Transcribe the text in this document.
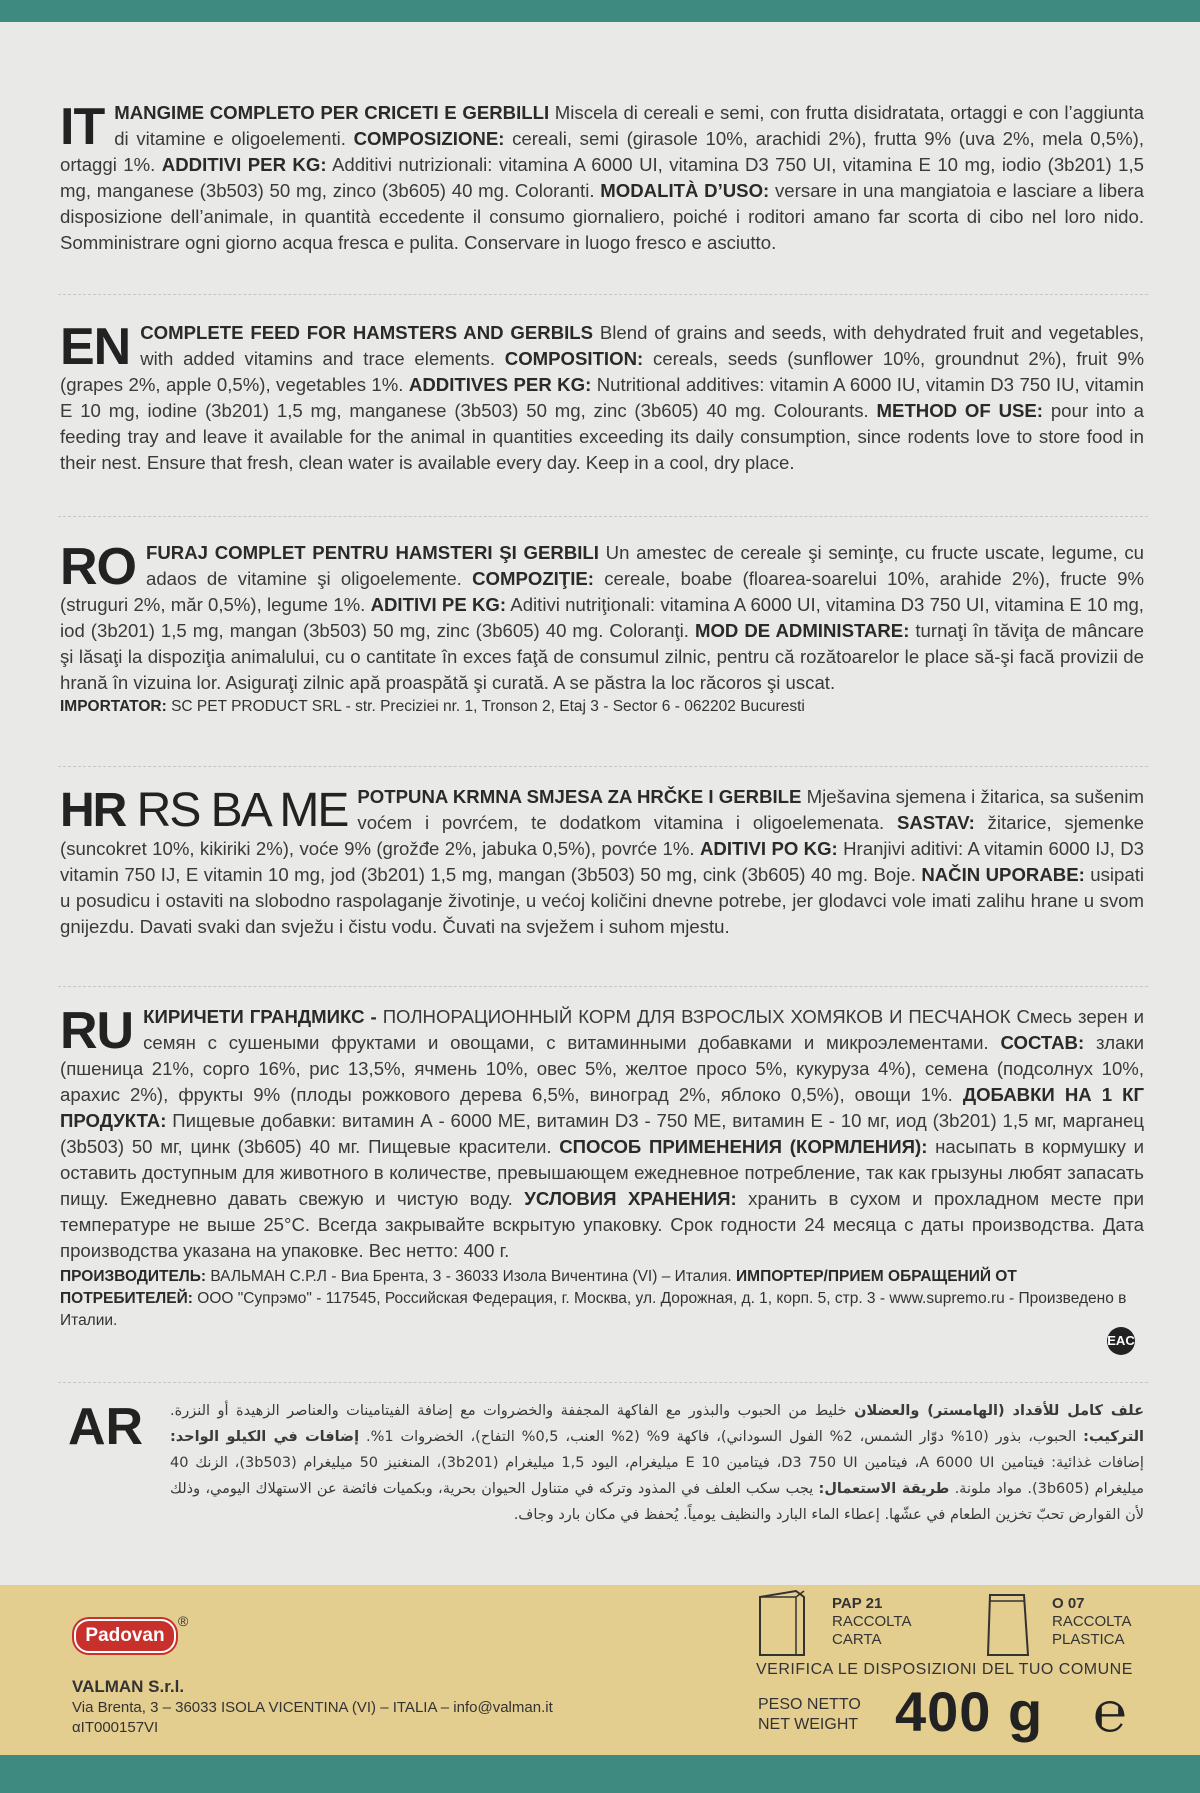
IT MANGIME COMPLETO PER CRICETI E GERBILLI Miscela di cereali e semi, con frutta disidratata, ortaggi e con l’aggiunta di vitamine e oligoelementi. COMPOSIZIONE: cereali, semi (girasole 10%, arachidi 2%), frutta 9% (uva 2%, mela 0,5%), ortaggi 1%. ADDITIVI PER KG: Additivi nutrizionali: vitamina A 6000 UI, vitamina D3 750 UI, vitamina E 10 mg, iodio (3b201) 1,5 mg, manganese (3b503) 50 mg, zinco (3b605) 40 mg. Coloranti. MODALITÀ D’USO: versare in una mangiatoia e lasciare a libera disposizione dell’animale, in quantità eccedente il consumo giornaliero, poiché i roditori amano far scorta di cibo nel loro nido. Somministrare ogni giorno acqua fresca e pulita. Conservare in luogo fresco e asciutto.
EN COMPLETE FEED FOR HAMSTERS AND GERBILS Blend of grains and seeds, with dehydrated fruit and vegetables, with added vitamins and trace elements. COMPOSITION: cereals, seeds (sunflower 10%, groundnut 2%), fruit 9% (grapes 2%, apple 0,5%), vegetables 1%. ADDITIVES PER KG: Nutritional additives: vitamin A 6000 IU, vitamin D3 750 IU, vitamin E 10 mg, iodine (3b201) 1,5 mg, manganese (3b503) 50 mg, zinc (3b605) 40 mg. Colourants. METHOD OF USE: pour into a feeding tray and leave it available for the animal in quantities exceeding its daily consumption, since rodents love to store food in their nest. Ensure that fresh, clean water is available every day. Keep in a cool, dry place.
RO FURAJ COMPLET PENTRU HAMSTERI ŞI GERBILI Un amestec de cereale şi seminţe, cu fructe uscate, legume, cu adaos de vitamine şi oligoelemente. COMPOZIŢIE: cereale, boabe (floarea-soarelui 10%, arahide 2%), fructe 9% (struguri 2%, măr 0,5%), legume 1%. ADITIVI PE KG: Aditivi nutriţionali: vitamina A 6000 UI, vitamina D3 750 UI, vitamina E 10 mg, iod (3b201) 1,5 mg, mangan (3b503) 50 mg, zinc (3b605) 40 mg. Coloranţi. MOD DE ADMINISTARE: turnaţi în tăviţa de mâncare şi lăsaţi la dispoziţia animalului, cu o cantitate în exces faţă de consumul zilnic, pentru că rozătoarelor le place să-şi facă provizii de hrană în vizuina lor. Asiguraţi zilnic apă proaspătă şi curată. A se păstra la loc răcoros şi uscat.
IMPORTATOR: SC PET PRODUCT SRL - str. Preciziei nr. 1, Tronson 2, Etaj 3 - Sector 6 - 062202 Bucuresti
HR RS BA ME POTPUNA KRMNA SMJESA ZA HRČKE I GERBILE Mješavina sjemena i žitarica, sa sušenim voćem i povrćem, te dodatkom vitamina i oligoelemenata. SASTAV: žitarice, sjemenke (suncokret 10%, kikiriki 2%), voće 9% (grožđe 2%, jabuka 0,5%), povrće 1%. ADITIVI PO KG: Hranjivi aditivi: A vitamin 6000 IJ, D3 vitamin 750 IJ, E vitamin 10 mg, jod (3b201) 1,5 mg, mangan (3b503) 50 mg, cink (3b605) 40 mg. Boje. NAČIN UPORABE: usipati u posudicu i ostaviti na slobodno raspolaganje životinje, u većoj količini dnevne potrebe, jer glodavci vole imati zalihu hrane u svom gnijezdu. Davati svaki dan svježu i čistu vodu. Čuvati na svježem i suhom mjestu.
RU КИРИЧЕТИ ГРАНДМИКС - ПОЛНОРАЦИОННЫЙ КОРМ ДЛЯ ВЗРОСЛЫХ ХОМЯКОВ И ПЕСЧАНОК Смесь зерен и семян с сушеными фруктами и овощами, с витаминными добавками и микроэлементами. СОСТАВ: злаки (пшеница 21%, сорго 16%, рис 13,5%, ячмень 10%, овес 5%, желтое просо 5%, кукуруза 4%), семена (подсолнух 10%, арахис 2%), фрукты 9% (плоды рожкового дерева 6,5%, виноград 2%, яблоко 0,5%), овощи 1%. ДОБАВКИ НА 1 КГ ПРОДУКТА: Пищевые добавки: витамин А - 6000 МЕ, витамин D3 - 750 МЕ, витамин Е - 10 мг, иод (3b201) 1,5 мг, марганец (3b503) 50 мг, цинк (3b605) 40 мг. Пищевые красители. СПОСОБ ПРИМЕНЕНИЯ (КОРМЛЕНИЯ): насыпать в кормушку и оставить доступным для животного в количестве, превышающем ежедневное потребление, так как грызуны любят запасать пищу. Ежедневно давать свежую и чистую воду. УСЛОВИЯ ХРАНЕНИЯ: хранить в сухом и прохладном месте при температуре не выше 25°С. Всегда закрывайте вскрытую упаковку. Срок годности 24 месяца с даты производства. Дата производства указана на упаковке. Вес нетто: 400 г.
ПРОИЗВОДИТЕЛЬ: ВАЛЬМАН С.Р.Л - Виа Брента, 3 - 36033 Изола Вичентина (VI) – Италия. ИМПОРТЕР/ПРИЕМ ОБРАЩЕНИЙ ОТ ПОТРЕБИТЕЛЕЙ: ООО "Супрэмо" - 117545, Российская Федерация, г. Москва, ул. Дорожная, д. 1, корп. 5, стр. 3 - www.supremo.ru - Произведено в Италии.
EAC
AR	علف كامل للأقداد (الهامستر) والعضلان خليط من الحبوب والبذور مع الفاكهة المجففة والخضروات مع إضافة الفيتامينات والعناصر الزهيدة أو النزرة. التركيب: الحبوب، بذور (10% دوّار الشمس، 2% الفول السوداني)، فاكهة 9% (2% العنب، 0,5% التفاح)، الخضروات 1%. إضافات في الكيلو الواحد: إضافات غذائية: فيتامين A 6000 UI، فيتامين D3 750 UI، فيتامين E 10 ميليغرام، اليود 1,5 ميليغرام (3b201)، المنغنيز 50 ميليغرام (3b503)، الزنك 40 ميليغرام (3b605). مواد ملونة. طريقة الاستعمال: يجب سكب العلف في المذود وتركه في متناول الحيوان بحرية، وبكميات فائضة عن الاستهلاك اليومي، وذلك لأن القوارض تحبّ تخزين الطعام في عشّها. إعطاء الماء البارد والنظيف يومياً. يُحفظ في مكان بارد وجاف.
Padovan
®
VALMAN S.r.l.
Via Brenta, 3 – 36033 ISOLA VICENTINA (VI) – ITALIA – info@valman.it
αIT000157VI
PAP 21
RACCOLTA
CARTA
O 07
RACCOLTA
PLASTICA
VERIFICA LE DISPOSIZIONI DEL TUO COMUNE
PESO NETTO
NET WEIGHT 400 g ℮
